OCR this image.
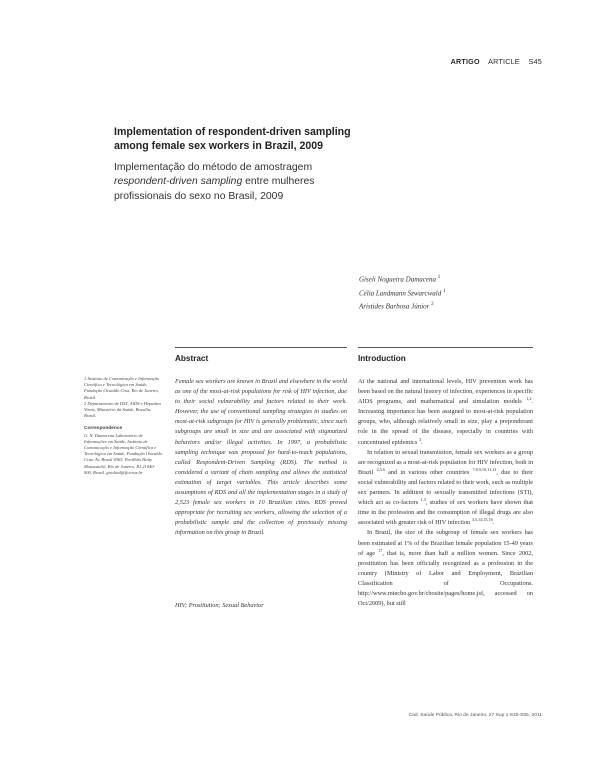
ARTIGO ARTICLE S45
Implementation of respondent-driven sampling among female sex workers in Brazil, 2009
Implementação do método de amostragem respondent-driven sampling entre mulheres profissionais do sexo no Brasil, 2009
Giseli Nogueira Damacena $^1$
Célia Landmann Szwarcwald $^1$
Aristides Barbosa Júnior $^2$
Abstract	Introduction

1 Instituto de Comunicação e Informação Científica e Tecnológica em Saúde, Fundação Oswaldo Cruz, Rio de Janeiro, Brasil.

2 Departamento de DST, AIDS e Hepatites Virais, Ministério da Saúde, Brasília, Brasil.

Correspondence

G. N. Damacena Laboratório de Informações em Saúde, Instituto de Comunicação e Informação Científica e Tecnológica em Saúde, Fundação Oswaldo Cruz. Av. Brasil 4365, Pavilhão Haity Moussatché, Rio de Janeiro, RJ 21040-900, Brasil. gisolind@fiocruz.br

Female sex workers are known in Brazil and elsewhere in the world as one of the most-at-risk populations for risk of HIV infection, due to their social vulnerability and factors related to their work. However, the use of conventional sampling strategies in studies on most-at-risk subgroups for HIV is generally problematic, since such subgroups are small in size and are associated with stigmatized behaviors and/or illegal activities. In 1997, a probabilistic sampling technique was proposed for hard-to-reach populations, called Respondent-Driven Sampling (RDS). The method is considered a variant of chain sampling and allows the statistical estimation of target variables. This article describes some assumptions of RDS and all the implementation stages in a study of 2,523 female sex workers in 10 Brazilian cities. RDS proved appropriate for recruiting sex workers, allowing the selection of a probabilistic sample and the collection of previously missing information on this group in Brazil.
HIV; Prostitution; Sexual Behavior

At the national and international levels, HIV prevention work has been based on the natural history of infection, experiences in specific AIDS programs, and mathematical and simulation models $^{1,2}$. Increasing importance has been assigned to most-at-risk population groups, who, although relatively small in size, play a preponderant role in the spread of the disease, especially in countries with concentrated epidemics $^3$.

In relation to sexual transmission, female sex workers as a group are recognized as a most-at-risk population for HIV infection, both in Brazil $^{4,5,6}$ and in various other countries $^{7,8,9,10,11,12}$, due to their social vulnerability and factors related to their work, such as multiple sex partners. In addition to sexually transmitted infections (STI), which act as co-factors $^{1,3}$, studies of sex workers have shown that time in the profession and the consumption of illegal drugs are also associated with greater risk of HIV infection $^{4,5,14,15,16}$.

In Brazil, the size of the subgroup of female sex workers has been estimated at 1% of the Brazilian female population 15-49 years of age $^{17}$, that is, more than half a million women. Since 2002, prostitution has been officially recognized as a profession in the country (Ministry of Labor and Employment, Brazilian Classification of Occupations. http://www.mtecbo.gov.br/cbosite/pages/home.jsf, accessed on Oct/2009), but still

Cad. Saúde Pública, Rio de Janeiro, 27 Sup 1:S45-S55, 2011
